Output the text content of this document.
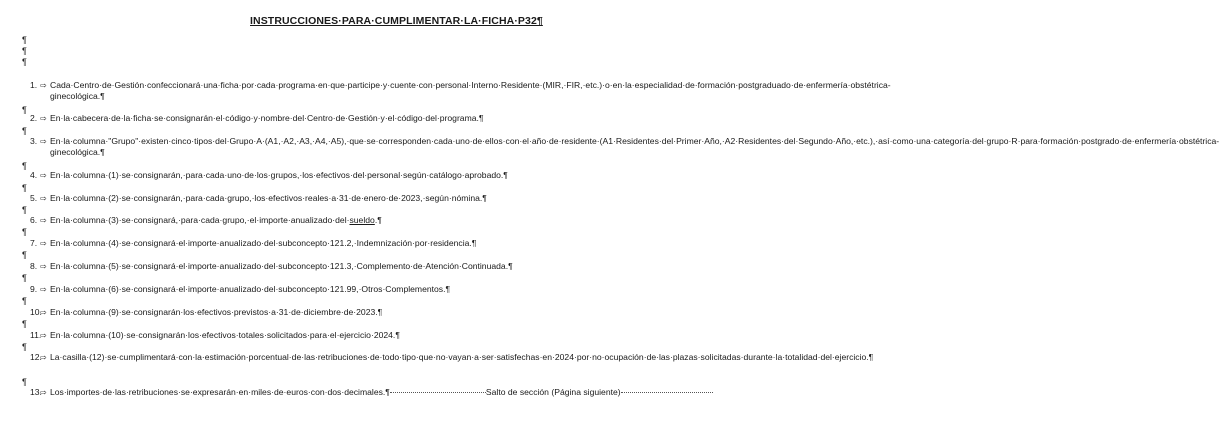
INSTRUCCIONES·PARA·CUMPLIMENTAR·LA·FICHA·P32¶
¶
¶
¶
1. ⇨ Cada·Centro·de·Gestión·confeccionará·una·ficha·por·cada·programa·en·que·participe·y·cuente·con·personal·Interno·Residente·(MIR,·FIR,·etc.)·o·en·la·especialidad·de·formación·postgraduado·de·enfermería·obstétrica-ginecológica.¶
¶
2. ⇨ En·la·cabecera·de·la·ficha·se·consignarán·el·código·y·nombre·del·Centro·de·Gestión·y·el·código·del·programa.¶
¶
3. ⇨ En·la·columna·"Grupo"·existen·cinco·tipos·del·Grupo·A·(A1,·A2,·A3,·A4,·A5),·que·se·corresponden·cada·uno·de·ellos·con·el·año·de·residente·(A1·Residentes·del·Primer·Año,·A2·Residentes·del·Segundo·Año,·etc.),·así·como·una·categoría·del·grupo·R·para·formación·postgrado·de·enfermería·obstétrica-ginecológica.¶
¶
4. ⇨ En·la·columna·(1)·se·consignarán,·para·cada·uno·de·los·grupos,·los·efectivos·del·personal·según·catálogo·aprobado.¶
¶
5. ⇨ En·la·columna·(2)·se·consignarán,·para·cada·grupo,·los·efectivos·reales·a·31·de·enero·de·2023,·según·nómina.¶
¶
6. ⇨ En·la·columna·(3)·se·consignará,·para·cada·grupo,·el·importe·anualizado·del·sueldo.¶
¶
7. ⇨ En·la·columna·(4)·se·consignará·el·importe·anualizado·del·subconcepto·121.2,·Indemnización·por·residencia.¶
¶
8. ⇨ En·la·columna·(5)·se·consignará·el·importe·anualizado·del·subconcepto·121.3,·Complemento·de·Atención·Continuada.¶
¶
9. ⇨ En·la·columna·(6)·se·consignará·el·importe·anualizado·del·subconcepto·121.99,·Otros·Complementos.¶
¶
10.
⇨ En·la·columna·(9)·se·consignarán·los·efectivos·previstos·a·31·de·diciembre·de·2023.¶
¶
11.
⇨ En·la·columna·(10)·se·consignarán·los·efectivos·totales·solicitados·para·el·ejercicio·2024.¶
¶
12.
⇨ La·casilla·(12)·se·cumplimentará·con·la·estimación·porcentual·de·las·retribuciones·de·todo·tipo·que·no·vayan·a·ser·satisfechas·en·2024·por·no·ocupación·de·las·plazas·solicitadas·durante·la·totalidad·del·ejercicio.¶
¶
13.
⇨ Los·importes·de·las·retribuciones·se·expresarán·en·miles·de·euros·con·dos·decimales.¶	Salto de sección (Página siguiente)
